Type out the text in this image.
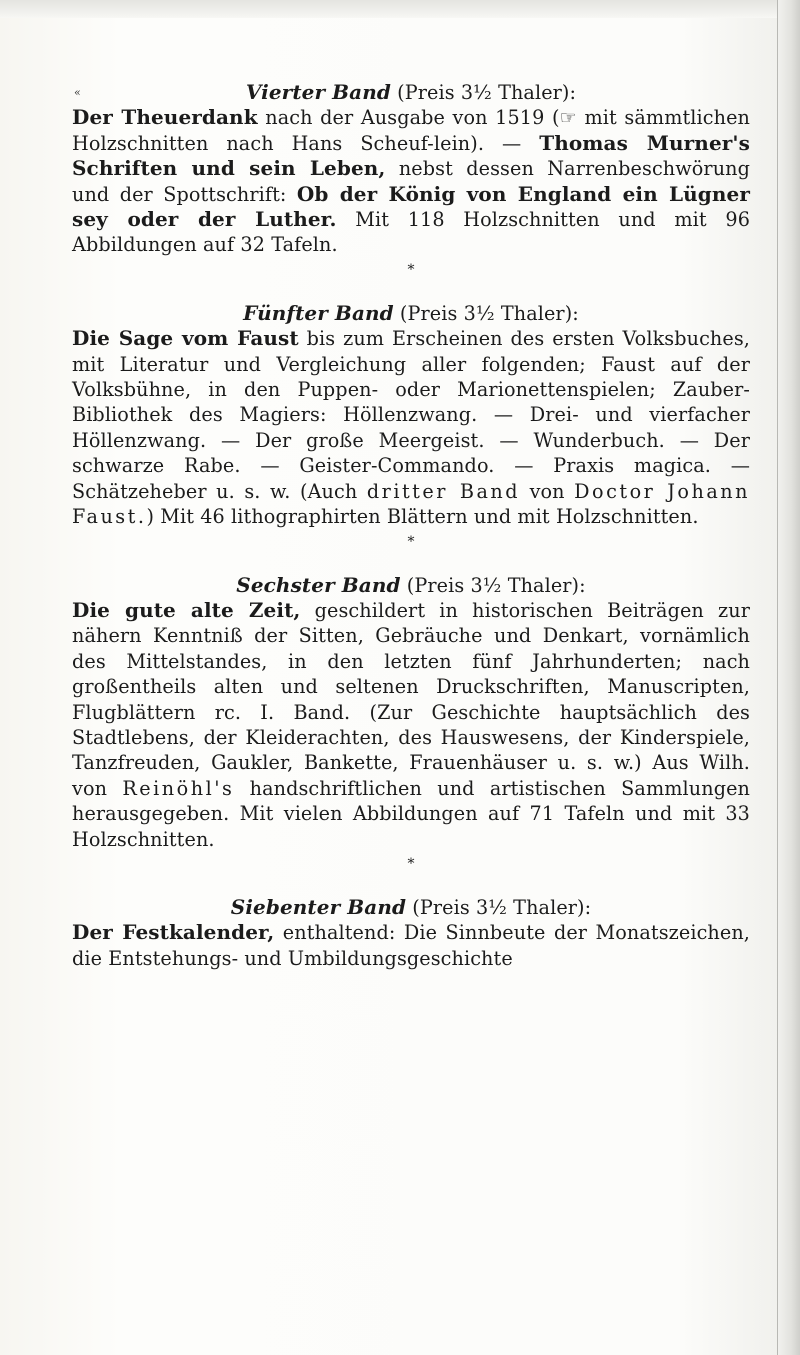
«	Vierter Band (Preis 3½ Thaler):

Der Theuerdank nach der Ausgabe von 1519 (☞ mit sämmtlichen Holzschnitten nach Hans Scheuf-lein). — Thomas Murner's Schriften und sein Leben, nebst dessen Narrenbeschwörung und der Spottschrift: Ob der König von England ein Lügner sey oder der Luther. Mit 118 Holzschnitten und mit 96 Abbildungen auf 32 Tafeln.

*
Fünfter Band (Preis 3½ Thaler):

Die Sage vom Faust bis zum Erscheinen des ersten Volksbuches, mit Literatur und Vergleichung aller folgenden; Faust auf der Volksbühne, in den Puppen- oder Marionettenspielen; Zauber-Bibliothek des Magiers: Höllenzwang. — Drei- und vierfacher Höllenzwang. — Der große Meergeist. — Wunderbuch. — Der schwarze Rabe. — Geister-Commando. — Praxis magica. — Schätzeheber u. s. w. (Auch dritter Band von Doctor Johann Faust.) Mit 46 lithographirten Blättern und mit Holzschnitten.

*
Sechster Band (Preis 3½ Thaler):

Die gute alte Zeit, geschildert in historischen Beiträgen zur nähern Kenntniß der Sitten, Gebräuche und Denkart, vornämlich des Mittelstandes, in den letzten fünf Jahrhunderten; nach großentheils alten und seltenen Druckschriften, Manuscripten, Flugblättern rc. I. Band. (Zur Geschichte hauptsächlich des Stadtlebens, der Kleiderachten, des Hauswesens, der Kinderspiele, Tanzfreuden, Gaukler, Bankette, Frauenhäuser u. s. w.) Aus Wilh. von Reinöhl's handschriftlichen und artistischen Sammlungen herausgegeben. Mit vielen Abbildungen auf 71 Tafeln und mit 33 Holzschnitten.

*
Siebenter Band (Preis 3½ Thaler):

Der Festkalender, enthaltend: Die Sinnbeute der Monatszeichen, die Entstehungs- und Umbildungsgeschichte
